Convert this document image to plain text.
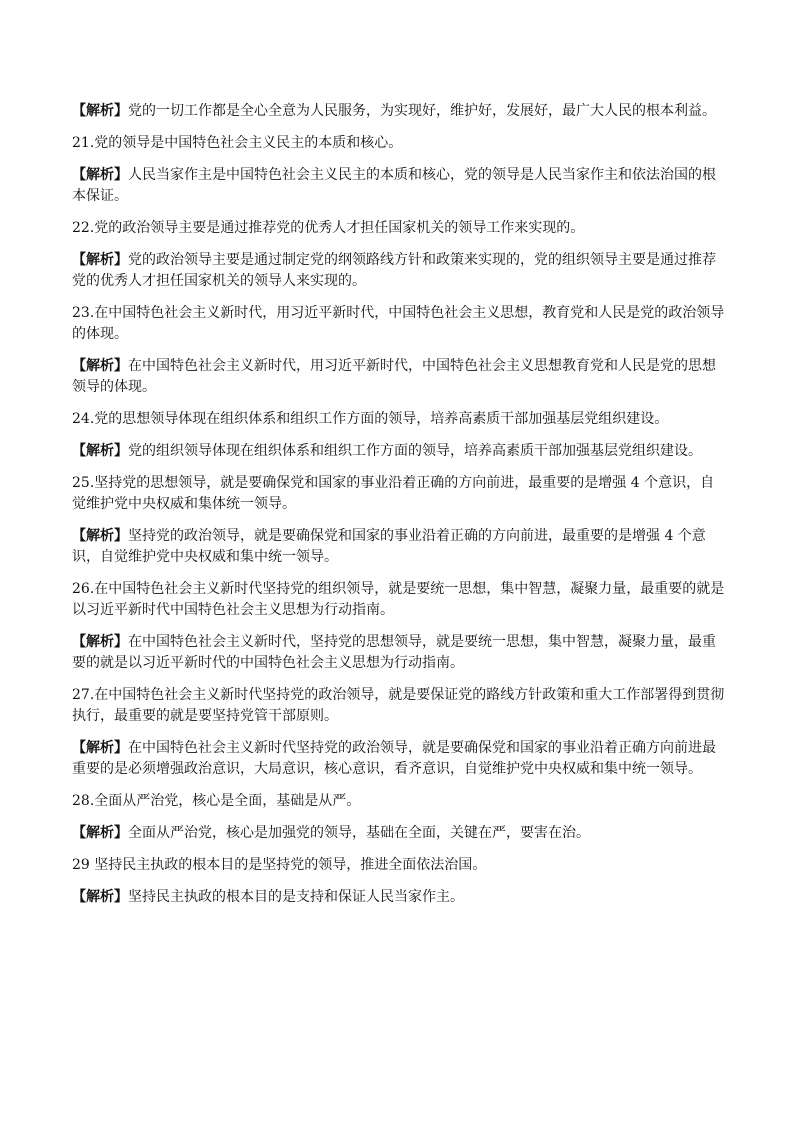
【解析】党的一切工作都是全心全意为人民服务，为实现好，维护好，发展好，最广大人民的根本利益。

21.党的领导是中国特色社会主义民主的本质和核心。

【解析】人民当家作主是中国特色社会主义民主的本质和核心，党的领导是人民当家作主和依法治国的根本保证。

22.党的政治领导主要是通过推荐党的优秀人才担任国家机关的领导工作来实现的。

【解析】党的政治领导主要是通过制定党的纲领路线方针和政策来实现的，党的组织领导主要是通过推荐党的优秀人才担任国家机关的领导人来实现的。

23.在中国特色社会主义新时代，用习近平新时代，中国特色社会主义思想，教育党和人民是党的政治领导的体现。

【解析】在中国特色社会主义新时代，用习近平新时代，中国特色社会主义思想教育党和人民是党的思想领导的体现。

24.党的思想领导体现在组织体系和组织工作方面的领导，培养高素质干部加强基层党组织建设。

【解析】党的组织领导体现在组织体系和组织工作方面的领导，培养高素质干部加强基层党组织建设。

25.坚持党的思想领导，就是要确保党和国家的事业沿着正确的方向前进，最重要的是增强 4 个意识，自觉维护党中央权威和集体统一领导。

【解析】坚持党的政治领导，就是要确保党和国家的事业沿着正确的方向前进，最重要的是增强 4 个意识，自觉维护党中央权威和集中统一领导。

26.在中国特色社会主义新时代坚持党的组织领导，就是要统一思想，集中智慧，凝聚力量，最重要的就是以习近平新时代中国特色社会主义思想为行动指南。

【解析】在中国特色社会主义新时代，坚持党的思想领导，就是要统一思想，集中智慧，凝聚力量，最重要的就是以习近平新时代的中国特色社会主义思想为行动指南。

27.在中国特色社会主义新时代坚持党的政治领导，就是要保证党的路线方针政策和重大工作部署得到贯彻执行，最重要的就是要坚持党管干部原则。

【解析】在中国特色社会主义新时代坚持党的政治领导，就是要确保党和国家的事业沿着正确方向前进最重要的是必须增强政治意识，大局意识，核心意识，看齐意识，自觉维护党中央权威和集中统一领导。

28.全面从严治党，核心是全面，基础是从严。

【解析】全面从严治党，核心是加强党的领导，基础在全面，关键在严，要害在治。

29 坚持民主执政的根本目的是坚持党的领导，推进全面依法治国。

【解析】坚持民主执政的根本目的是支持和保证人民当家作主。
